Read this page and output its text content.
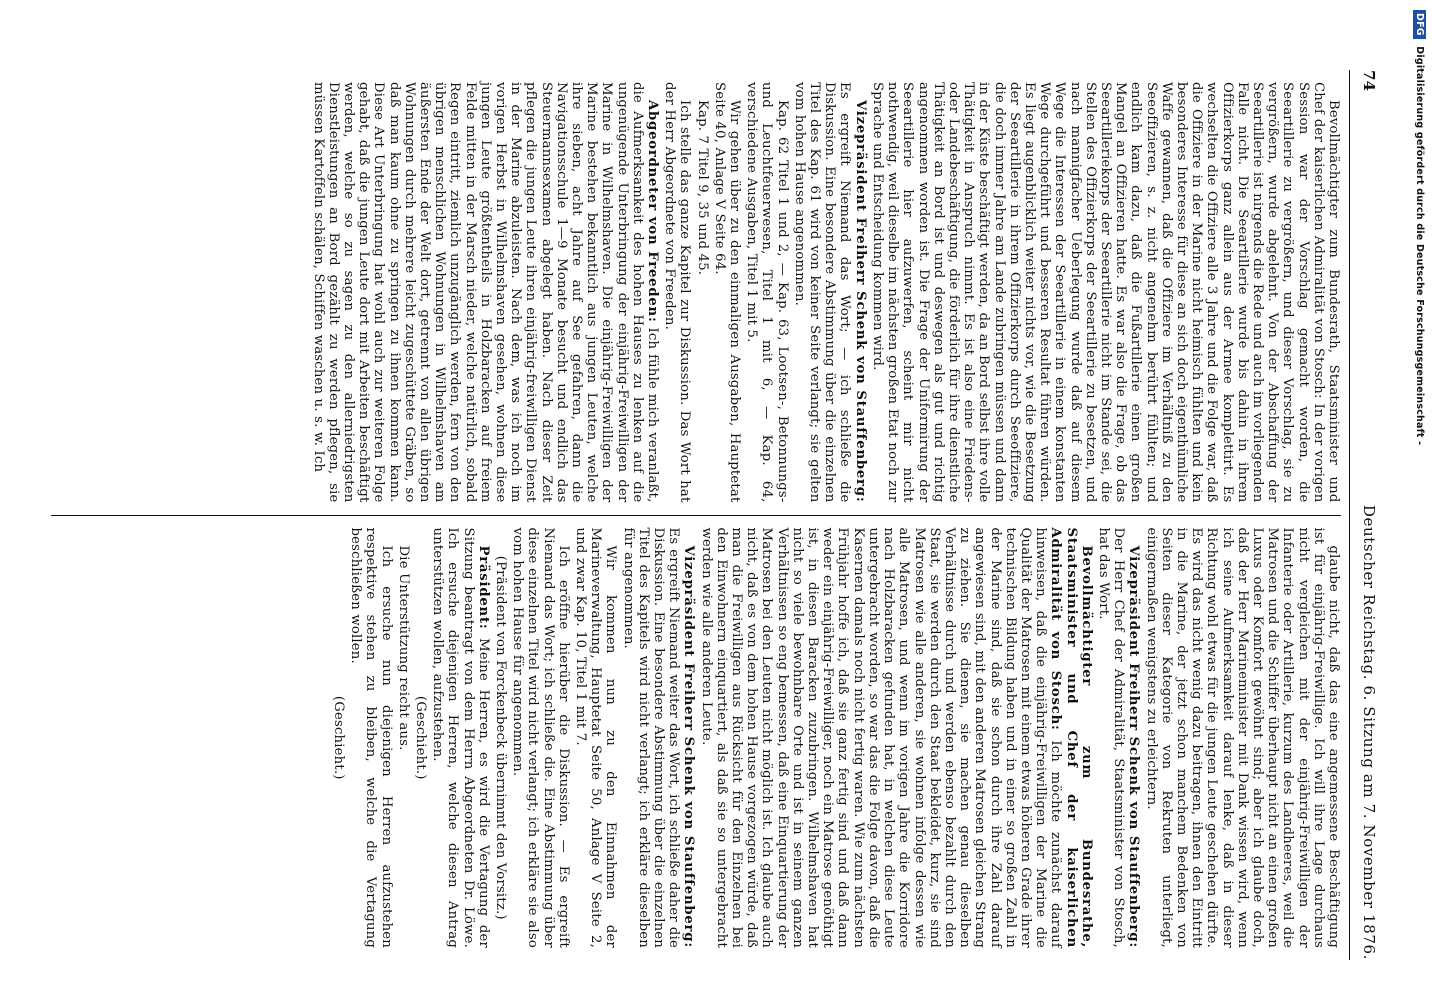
74
Deutscher Reichstag. 6. Sitzung am 7. November 1876.

Bevollmächtigter zum Bundesrath, Staatsminister und Chef der kaiserlichen Admiralität von Stosch: In der vorigen Session war der Vorschlag gemacht worden, die Seeartillerie zu vergrößern, und dieser Vorschlag, sie zu vergrößern, wurde abgelehnt. Von der Abschaffung der Seeartillerie ist nirgends die Rede und auch im vorliegenden Falle nicht. Die Seeartillerie wurde bis dahin in ihrem Offizierkorps ganz allein aus der Armee komplettirt. Es wechselten die Offiziere alle 3 Jahre und die Folge war, daß die Offiziere in der Marine nicht heimisch fühlten und kein besonderes Interesse für diese an sich doch eigenthümliche Waffe gewannen, daß die Offiziere im Verhältniß zu den Seeoffizieren, s. z. nicht angenehm berührt fühlten; und endlich kam dazu, daß die Fußartillerie einen großen Mangel an Offizieren hatte. Es war also die Frage, ob das Seeartilleriekorps der Seeartillerie nicht im Stande sei, die Stellen des Offizierkorps der Seeartillerie zu besetzen, und nach mannigfacher Ueberlegung wurde daß auf diesem Wege die Interessen der Seeartillerie in einem konstanten Wege durchgeführt und besseren Resultat führen würden. Es liegt augenblicklich weiter nichts vor, wie die Besetzung der Seeartillerie in ihrem Offizierkorps durch Seeoffiziere, die doch immer Jahre am Lande zubringen müssen und dann in der Küste beschäftigt werden, da an Bord selbst ihre volle Thätigkeit in Anspruch nimmt. Es ist also eine Friedens- oder Landebeschäftigung, die förderlich für ihre dienstliche Thätigkeit an Bord ist und deswegen als gut und richtig angenommen worden ist. Die Frage der Uniformirung der Seeartillerie hier aufzuwerfen, scheint mir nicht nothwendig, weil dieselbe im nächsten großen Etat noch zur Sprache und Entscheidung kommen wird.

Vizepräsident Freiherr Schenk von Stauffenberg: Es ergreift Niemand das Wort; — ich schließe die Diskussion. Eine besondere Abstimmung über die einzelnen Titel des Kap. 61 wird von keiner Seite verlangt; sie gelten vom hohen Hause angenommen.

Kap. 62 Titel 1 und 2, — Kap. 63, Lootsen-, Betonnungs- und Leuchtfeuerwesen, Titel 1 mit 6, — Kap. 64, verschiedene Ausgaben, Titel 1 mit 5.

Wir gehen über zu den einmaligen Ausgaben, Hauptetat Seite 40, Anlage V Seite 64.

Kap. 7 Titel 9, 35 und 45.

Ich stelle das ganze Kapitel zur Diskussion. Das Wort hat der Herr Abgeordnete von Freeden.

Abgeordneter von Freeden: Ich fühle mich veranlaßt, die Aufmerksamkeit des hohen Hauses zu lenken auf die ungenügende Unterbringung der einjährig-Freiwilligen der Marine in Wilhelmshaven. Die einjährig-Freiwilligen der Marine bestehen bekanntlich aus jungen Leuten, welche ihre sieben, acht Jahre auf See gefahren, dann die Navigationsschule 1—9 Monate besucht und endlich das Steuermannsexamen abgelegt haben. Nach dieser Zeit pflegen die jungen Leute ihren einjährig-freiwilligen Dienst in der Marine abzuleisten. Nach dem, was ich noch im vorigen Herbst in Wilhelmshaven gesehen, wohnen diese jungen Leute größtentheils in Holzbaracken auf freiem Felde mitten in der Marsch nieder, welche natürlich, sobald Regen eintritt, ziemlich unzugänglich werden, fern von den übrigen menschlichen Wohnungen in Wilhelmshaven am äußersten Ende der Welt dort, getrennt von allen übrigen Wohnungen durch mehrere leicht zugeschüttete Gräben, so daß man kaum ohne zu springen zu ihnen kommen kann. Diese Art Unterbringung hat wohl auch zur weiteren Folge gehabt, daß die jungen Leute dort mit Arbeiten beschäftigt werden, welche so zu sagen zu den allerniedrigsten Dienstleistungen an Bord gezählt zu werden pflegen, sie müssen Kartoffeln schälen, Schiffen waschen u. s. w. Ich

glaube nicht, daß das eine angemessene Beschäftigung ist für einjährig-Freiwillige. Ich will ihre Lage durchaus nicht vergleichen mit der einjährig-Freiwilligen der Infanterie oder Artillerie, kurzum des Landheeres, weil die Matrosen und die Schiffer überhaupt nicht an einen großen Luxus oder Komfort gewöhnt sind; aber ich glaube doch, daß der Herr Marineminister mit Dank wissen wird, wenn ich seine Aufmerksamkeit darauf lenke, daß in dieser Richtung wohl etwas für die jungen Leute geschehen dürfte. Es wird das nicht wenig dazu beitragen, ihnen den Eintritt in die Marine, der jetzt schon manchem Bedenken von Seiten dieser Kategorie von Rekruten unterliegt, einigermaßen wenigstens zu erleichtern.

Vizepräsident Freiherr Schenk von Stauffenberg: Der Herr Chef der Admiralität, Staatsminister von Stosch, hat das Wort.

Bevollmächtigter zum Bundesrathe, Staatsminister und Chef der kaiserlichen Admiralität von Stosch: Ich möchte zunächst darauf hinweisen, daß die einjährig-Freiwilligen der Marine die Qualität der Matrosen mit einem etwas höheren Grade ihrer technischen Bildung haben und in einer so großen Zahl in der Marine sind, daß sie schon durch ihre Zahl darauf angewiesen sind, mit den anderen Matrosen gleichen Strang zu ziehen. Sie dienen, sie machen genau dieselben Verhältnisse durch und werden ebenso bezahlt durch den Staat, sie werden durch den Staat bekleidet, kurz, sie sind Matrosen wie alle anderen, sie wohnen infolge dessen wie alle Matrosen, und wenn im vorigen Jahre die Korridore nach Holzbaracken gefunden hat, in welchen diese Leute untergebracht worden, so war das die Folge davon, daß die Kasernen damals noch nicht fertig waren. Wie zum nächsten Frühjahr hoffe ich, daß sie ganz fertig sind und daß dann weder ein einjährig-Freiwilliger, noch ein Matrose genöthigt ist, in diesen Baracken zuzubringen. Wilhelmshaven hat nicht so viele bewohnbare Orte und ist in seinem ganzen Verhältnissen so eng bemessen, daß eine Einquartierung der Matrosen bei den Leuten nicht möglich ist. Ich glaube auch nicht, daß es von dem hohen Hause vorgezogen würde, daß man die Freiwilligen aus Rücksicht für den Einzelnen bei den Einwohnern einquartiert, als daß sie so untergebracht werden wie alle anderen Leute.

Vizepräsident Freiherr Schenk von Stauffenberg: Es ergreift Niemand weiter das Wort, ich schließe daher die Diskussion. Eine besondere Abstimmung über die einzelnen Titel des Kapitels wird nicht verlangt; ich erkläre dieselben für angenommen.

Wir kommen nun zu den Einnahmen der Marineverwaltung, Hauptetat Seite 50, Anlage V Seite 2, und zwar Kap. 10, Titel 1 mit 7.

Ich eröffne hierüber die Diskussion. — Es ergreift Niemand das Wort; ich schließe die. Eine Abstimmung über diese einzelnen Titel wird nicht verlangt; ich erkläre sie also vom hohen Hause für angenommen.

(Präsident von Forckenbeck übernimmt den Vorsitz.)

Präsident: Meine Herren, es wird die Vertagung der Sitzung beantragt von dem Herrn Abgeordneten Dr. Löwe. Ich ersuche diejenigen Herren, welche diesen Antrag unterstützen wollen, aufzustehen.

(Geschieht.)

Die Unterstützung reicht aus.

Ich ersuche nun diejenigen Herren aufzustehen respektive stehen zu bleiben, welche die Vertagung beschließen wollen.

(Geschieht.)

DFG Digitalisierung gefördert durch die Deutsche Forschungsgemeinschaft -
